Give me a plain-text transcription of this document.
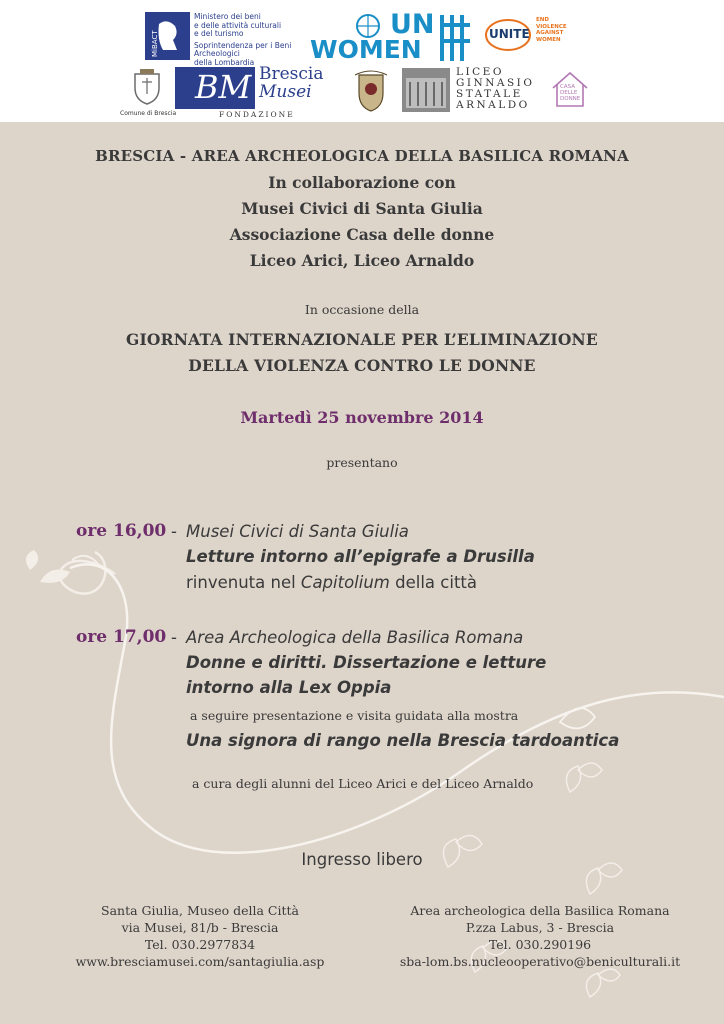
MiBACT
Ministero dei beni
e delle attività culturali
e del turismo
Soprintendenza per i Beni Archeologici
della Lombardia
UN
WOMEN
UNITE
END
VIOLENCE
AGAINST
WOMEN
Comune di Brescia
BM Brescia
Musei
FONDAZIONE
LICEO
GINNASIO
STATALE
ARNALDO
CASA
DELLE
DONNE
BRESCIA - AREA ARCHEOLOGICA DELLA BASILICA ROMANA
In collaborazione con
Musei Civici di Santa Giulia
Associazione Casa delle donne
Liceo Arici, Liceo Arnaldo
In occasione della
GIORNATA INTERNAZIONALE PER L’ELIMINAZIONE
DELLA VIOLENZA CONTRO LE DONNE
Martedì 25 novembre 2014
presentano
ore 16,00 - Musei Civici di Santa Giulia
Letture intorno all’epigrafe a Drusilla
rinvenuta nel Capitolium della città
ore 17,00 - Area Archeologica della Basilica Romana
Donne e diritti. Dissertazione e letture
intorno alla Lex Oppia
a seguire presentazione e visita guidata alla mostra
Una signora di rango nella Brescia tardoantica
a cura degli alunni del Liceo Arici e del Liceo Arnaldo
Ingresso libero
Santa Giulia, Museo della Città
via Musei, 81/b - Brescia
Tel. 030.2977834
www.bresciamusei.com/santagiulia.asp
Area archeologica della Basilica Romana
P.zza Labus, 3 - Brescia
Tel. 030.290196
sba-lom.bs.nucleooperativo@beniculturali.it
